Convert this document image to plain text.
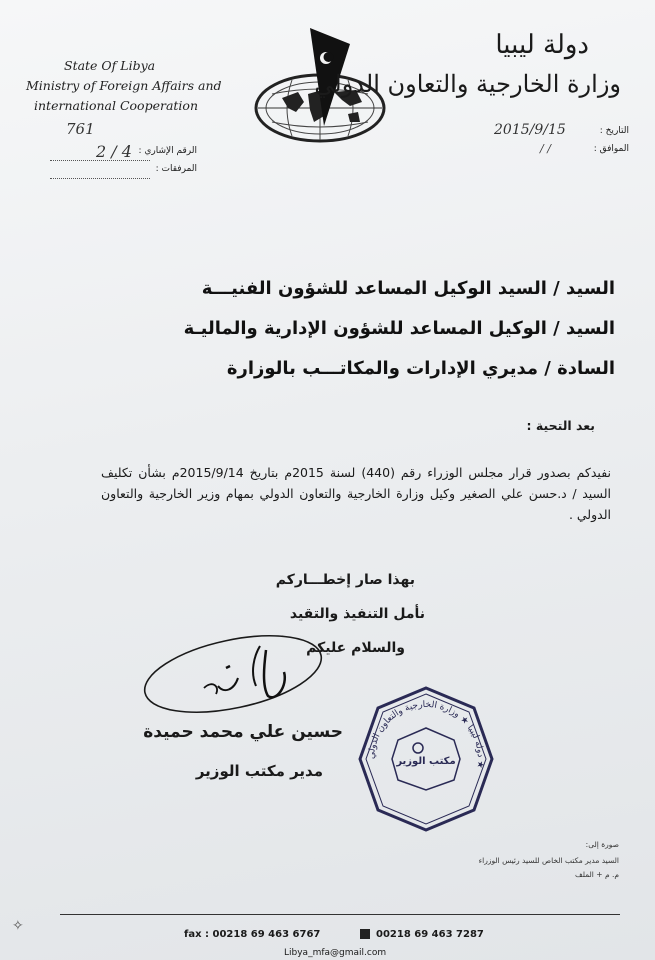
State Of Libya
Ministry of Foreign Affairs and
international Cooperation
دولة ليبيا
وزارة الخارجية والتعاون الدولي
761
2 / 4 الرقم الإشاري :
المرفقات :
2015/9/15	التاريخ :
/ /	الموافق :
السيد / السيد الوكيل المساعد للشؤون الفنيـــة
السيد / الوكيل المساعد للشؤون الإدارية والماليـة
السادة / مديري الإدارات والمكاتـــب بالوزارة
بعد التحية :
نفيدكم بصدور قرار مجلس الوزراء رقم (440) لسنة 2015م بتاريخ 2015/9/14م بشأن تكليف السيد / د.حسن علي الصغير وكيل وزارة الخارجية والتعاون الدولي بمهام وزير الخارجية والتعاون الدولي .
بهذا صار إخطـــاركم
نأمل التنفيذ والتقيد
والسلام عليكم
حسين علي محمد حميدة
مدير مكتب الوزير
دولة ليبيا ★ وزارة الخارجية والتعاون الدولي ★
مكتب الوزير
صورة إلى:
السيد مدير مكتب الخاص للسيد رئيس الوزراء
م. م + الملف
fax : 00218 69 463 6767	00218 69 463 7287
Libya_mfa@gmail.com
✧
